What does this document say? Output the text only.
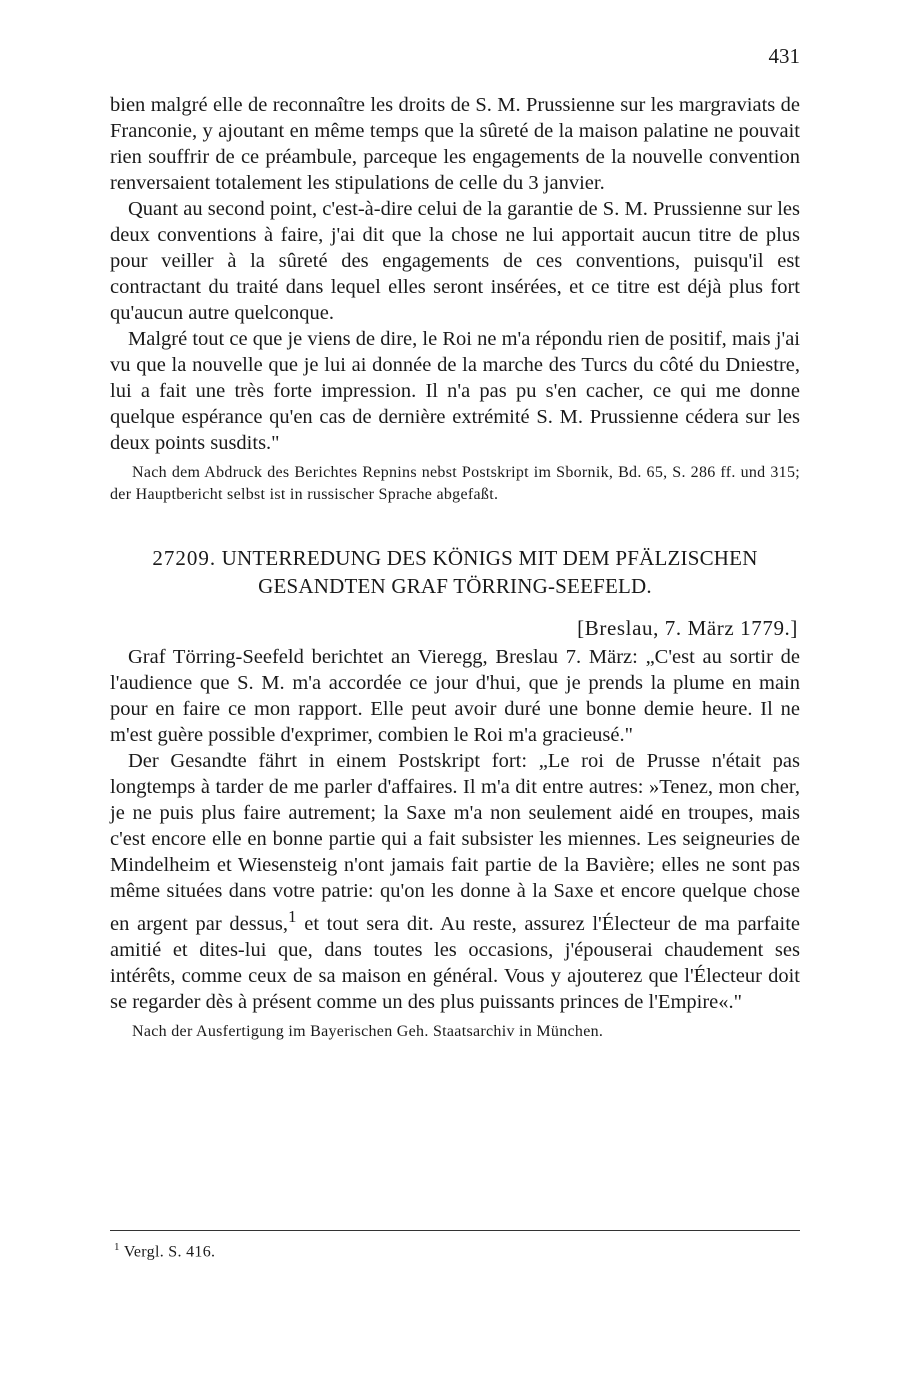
431

bien malgré elle de reconnaître les droits de S. M. Prussienne sur les margraviats de Franconie, y ajoutant en même temps que la sûreté de la maison palatine ne pouvait rien souffrir de ce préambule, parceque les engagements de la nouvelle convention renversaient totalement les stipulations de celle du 3 janvier.

Quant au second point, c'est-à-dire celui de la garantie de S. M. Prussienne sur les deux conventions à faire, j'ai dit que la chose ne lui apportait aucun titre de plus pour veiller à la sûreté des engagements de ces conventions, puisqu'il est contractant du traité dans lequel elles seront insérées, et ce titre est déjà plus fort qu'aucun autre quelconque.

Malgré tout ce que je viens de dire, le Roi ne m'a répondu rien de positif, mais j'ai vu que la nouvelle que je lui ai donnée de la marche des Turcs du côté du Dniestre, lui a fait une très forte impression. Il n'a pas pu s'en cacher, ce qui me donne quelque espérance qu'en cas de dernière extrémité S. M. Prussienne cédera sur les deux points susdits."

Nach dem Abdruck des Berichtes Repnins nebst Postskript im Sbornik, Bd. 65, S. 286 ff. und 315; der Hauptbericht selbst ist in russischer Sprache abgefaßt.

27209. UNTERREDUNG DES KÖNIGS MIT DEM PFÄLZISCHEN
GESANDTEN GRAF TÖRRING-SEEFELD.
[Breslau, 7. März 1779.]

Graf Törring-Seefeld berichtet an Vieregg, Breslau 7. März: „C'est au sortir de l'audience que S. M. m'a accordée ce jour d'hui, que je prends la plume en main pour en faire ce mon rapport. Elle peut avoir duré une bonne demie heure. Il ne m'est guère possible d'exprimer, combien le Roi m'a gracieusé."

Der Gesandte fährt in einem Postskript fort: „Le roi de Prusse n'était pas longtemps à tarder de me parler d'affaires. Il m'a dit entre autres: »Tenez, mon cher, je ne puis plus faire autrement; la Saxe m'a non seulement aidé en troupes, mais c'est encore elle en bonne partie qui a fait subsister les miennes. Les seigneuries de Mindelheim et Wiesensteig n'ont jamais fait partie de la Bavière; elles ne sont pas même situées dans votre patrie: qu'on les donne à la Saxe et encore quelque chose en argent par dessus,$^1$ et tout sera dit. Au reste, assurez l'Électeur de ma parfaite amitié et dites-lui que, dans toutes les occasions, j'épouserai chaudement ses intérêts, comme ceux de sa maison en général. Vous y ajouterez que l'Électeur doit se regarder dès à présent comme un des plus puissants princes de l'Empire«."

Nach der Ausfertigung im Bayerischen Geh. Staatsarchiv in München.

$^1$ Vergl. S. 416.
